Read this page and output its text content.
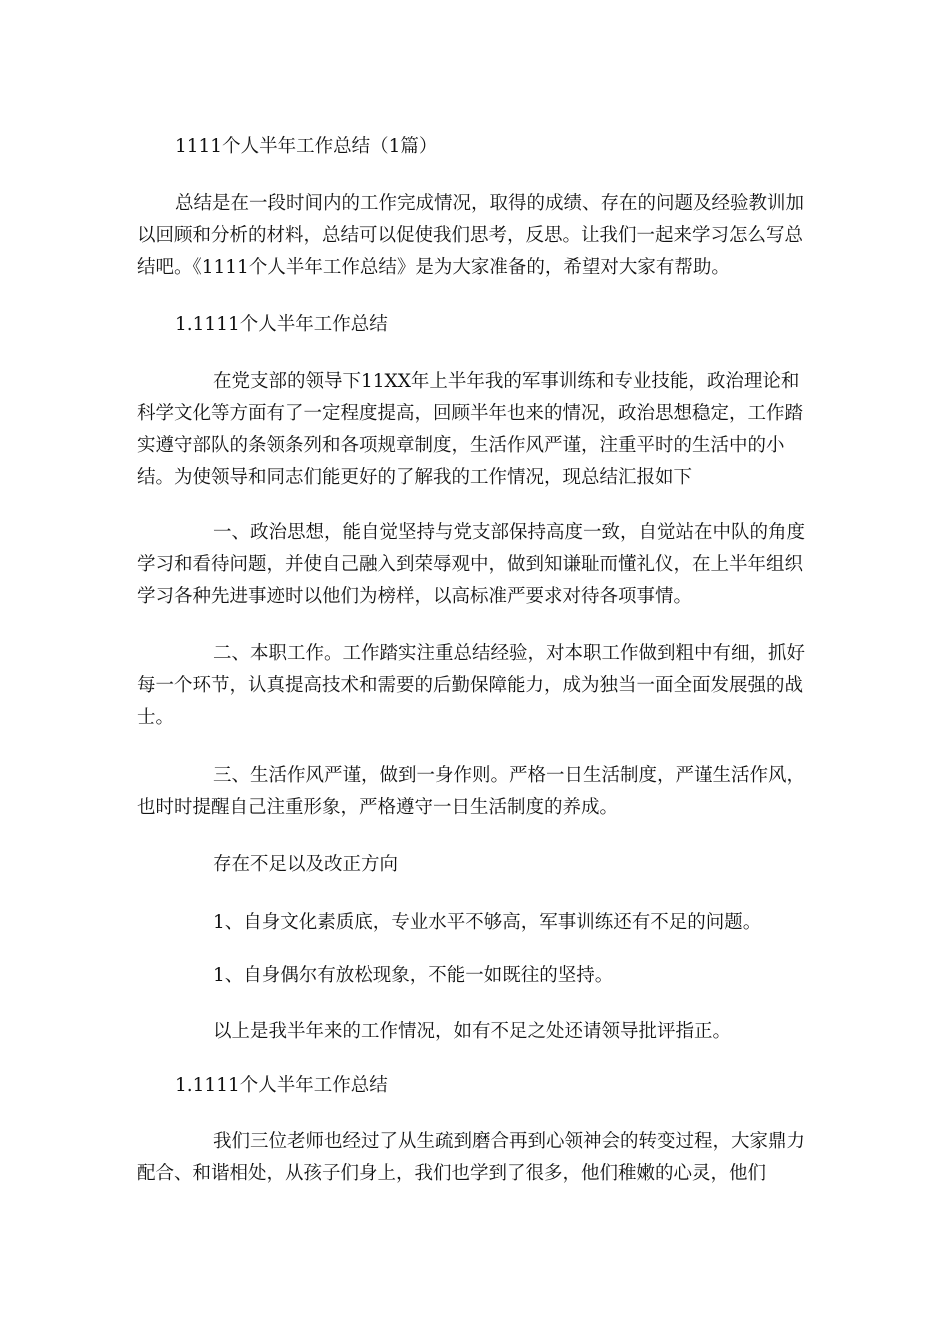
1111个人半年工作总结（1篇）

总结是在一段时间内的工作完成情况，取得的成绩、存在的问题及经验教训加以回顾和分析的材料，总结可以促使我们思考，反思。让我们一起来学习怎么写总结吧。《1111个人半年工作总结》是为大家准备的，希望对大家有帮助。

1.1111个人半年工作总结

在党支部的领导下11XX年上半年我的军事训练和专业技能，政治理论和科学文化等方面有了一定程度提高，回顾半年也来的情况，政治思想稳定，工作踏实遵守部队的条领条列和各项规章制度，生活作风严谨，注重平时的生活中的小结。为使领导和同志们能更好的了解我的工作情况，现总结汇报如下

一、政治思想，能自觉坚持与党支部保持高度一致，自觉站在中队的角度学习和看待问题，并使自己融入到荣辱观中，做到知谦耻而懂礼仪，在上半年组织学习各种先进事迹时以他们为榜样，以高标准严要求对待各项事情。

二、本职工作。工作踏实注重总结经验，对本职工作做到粗中有细，抓好每一个环节，认真提高技术和需要的后勤保障能力，成为独当一面全面发展强的战士。

三、生活作风严谨，做到一身作则。严格一日生活制度，严谨生活作风，也时时提醒自己注重形象，严格遵守一日生活制度的养成。

存在不足以及改正方向

1、自身文化素质底，专业水平不够高，军事训练还有不足的问题。

1、自身偶尔有放松现象，不能一如既往的坚持。

以上是我半年来的工作情况，如有不足之处还请领导批评指正。

1.1111个人半年工作总结

我们三位老师也经过了从生疏到磨合再到心领神会的转变过程，大家鼎力配合、和谐相处，从孩子们身上，我们也学到了很多，他们稚嫩的心灵，他们
